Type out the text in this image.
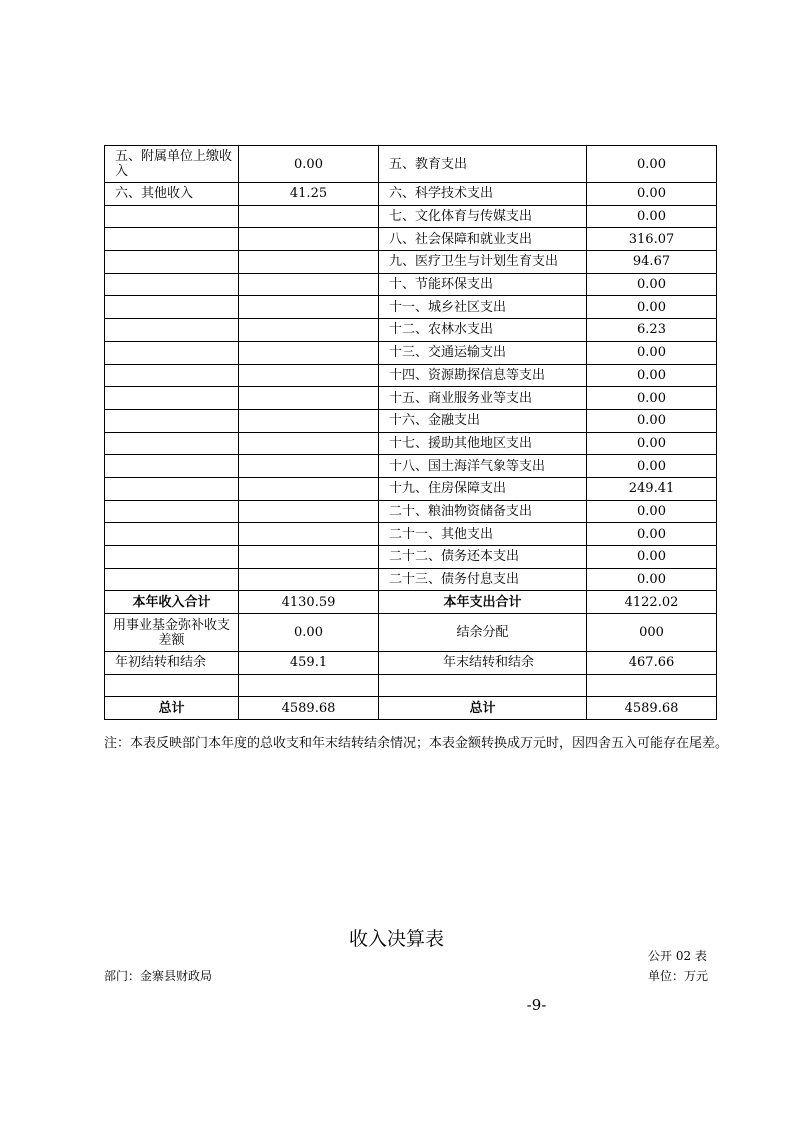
五、附属单位上缴收入	0.00	五、教育支出	0.00
六、其他收入	41.25	六、科学技术支出	0.00
		七、文化体育与传媒支出	0.00
		八、社会保障和就业支出	316.07
		九、医疗卫生与计划生育支出	94.67
		十、节能环保支出	0.00
		十一、城乡社区支出	0.00
		十二、农林水支出	6.23
		十三、交通运输支出	0.00
		十四、资源勘探信息等支出	0.00
		十五、商业服务业等支出	0.00
		十六、金融支出	0.00
		十七、援助其他地区支出	0.00
		十八、国土海洋气象等支出	0.00
		十九、住房保障支出	249.41
		二十、粮油物资储备支出	0.00
		二十一、其他支出	0.00
		二十二、债务还本支出	0.00
		二十三、债务付息支出	0.00
本年收入合计	4130.59	本年支出合计	4122.02
用事业基金弥补收支差额	0.00	结余分配	000
年初结转和结余	459.1	年末结转和结余	467.66

总计	4589.68	总计	4589.68
注：本表反映部门本年度的总收支和年末结转结余情况；本表金额转换成万元时，因四舍五入可能存在尾差。
收入决算表
公开 02 表
部门：金寨县财政局	单位：万元
-9-
